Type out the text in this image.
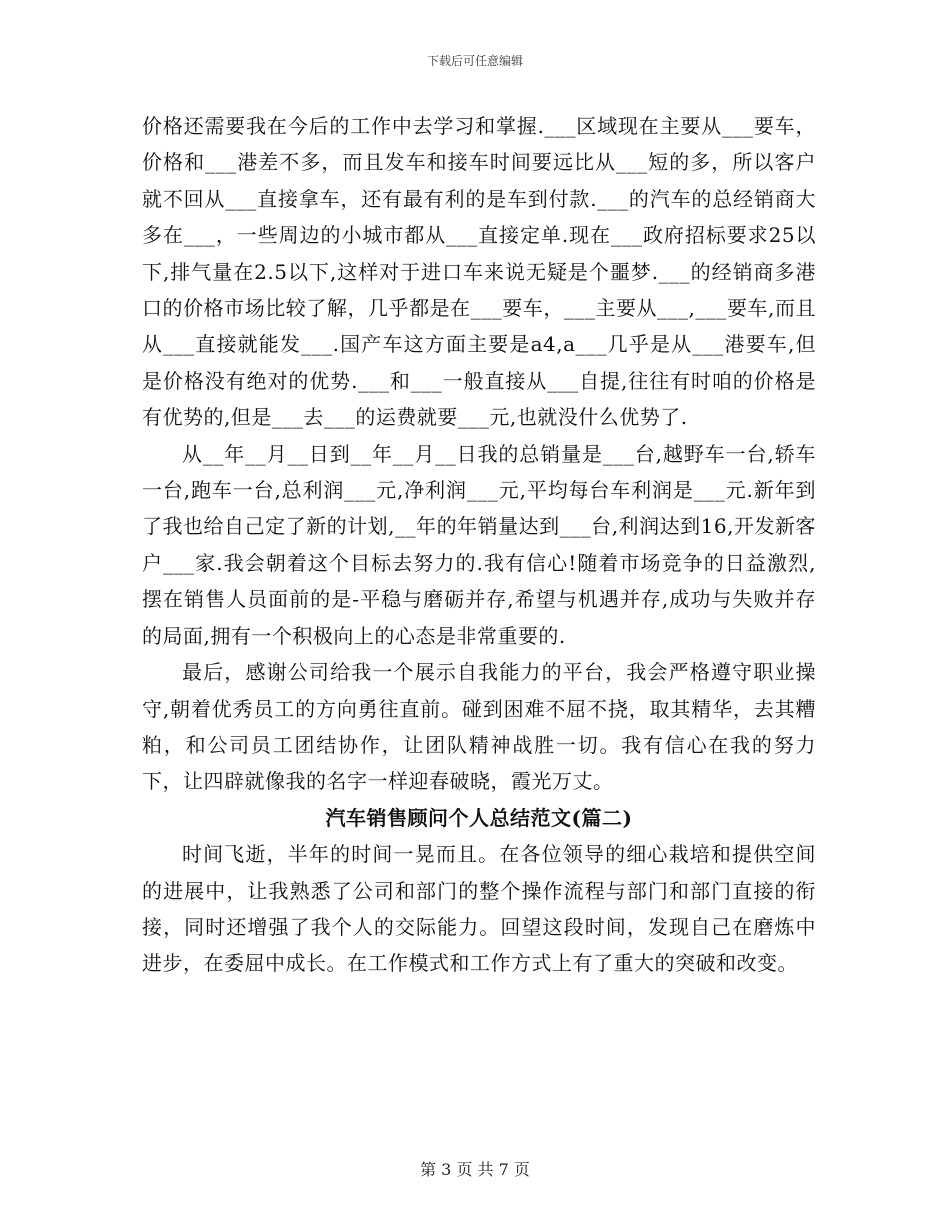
下载后可任意编辑

价格还需要我在今后的工作中去学习和掌握.___区域现在主要从___要车，价格和___港差不多，而且发车和接车时间要远比从___短的多，所以客户就不回从___直接拿车，还有最有利的是车到付款.___的汽车的总经销商大多在___，一些周边的小城市都从___直接定单.现在___政府招标要求25以下,排气量在2.5以下,这样对于进口车来说无疑是个噩梦.___的经销商多港口的价格市场比较了解，几乎都是在___要车，___主要从___,___要车,而且从___直接就能发___.国产车这方面主要是a4,a___几乎是从___港要车,但是价格没有绝对的优势.___和___一般直接从___自提,往往有时咱的价格是有优势的,但是___去___的运费就要___元,也就没什么优势了.

从__年__月__日到__年__月__日我的总销量是___台,越野车一台,轿车一台,跑车一台,总利润___元,净利润___元,平均每台车利润是___元.新年到了我也给自己定了新的计划,__年的年销量达到___台,利润达到16,开发新客户___家.我会朝着这个目标去努力的.我有信心!随着市场竞争的日益激烈,摆在销售人员面前的是-平稳与磨砺并存,希望与机遇并存,成功与失败并存的局面,拥有一个积极向上的心态是非常重要的.

最后，感谢公司给我一个展示自我能力的平台，我会严格遵守职业操守,朝着优秀员工的方向勇往直前。碰到困难不屈不挠，取其精华，去其糟粕，和公司员工团结协作，让团队精神战胜一切。我有信心在我的努力下，让四辟就像我的名字一样迎春破晓，霞光万丈。

汽车销售顾问个人总结范文(篇二)

时间飞逝，半年的时间一晃而且。在各位领导的细心栽培和提供空间的进展中，让我熟悉了公司和部门的整个操作流程与部门和部门直接的衔接，同时还增强了我个人的交际能力。回望这段时间，发现自己在磨炼中进步，在委屈中成长。在工作模式和工作方式上有了重大的突破和改变。

第 3 页 共 7 页
